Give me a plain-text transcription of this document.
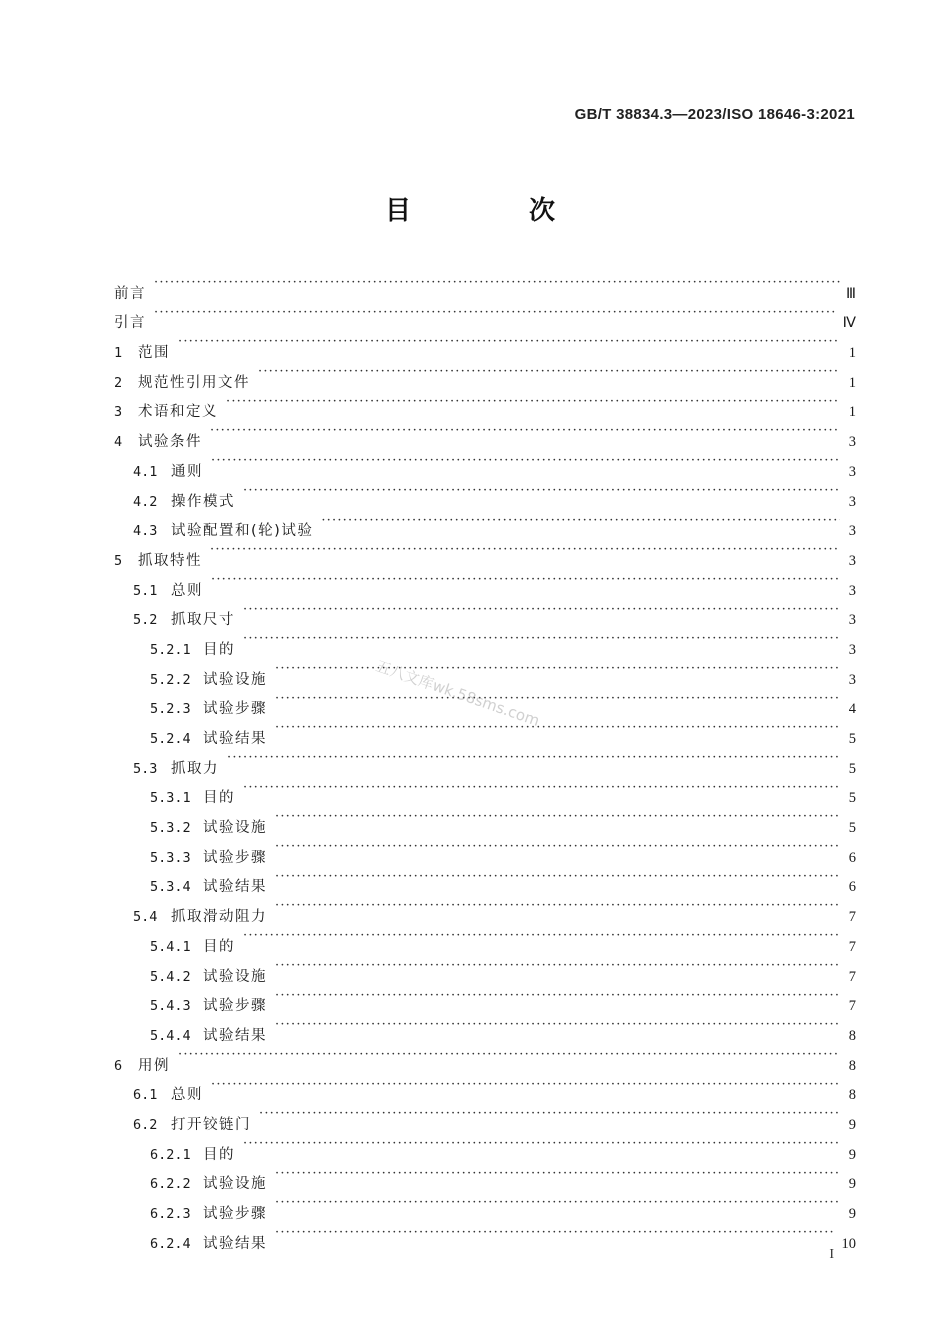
GB/T 38834.3—2023/ISO 18646-3:2021
目　次
前言 ·····	Ⅲ
引言 ·····	Ⅳ
1	范围 ·····	1
2	规范性引用文件 ·····	1
3	术语和定义 ·····	1
4	试验条件 ·····	3
4.1 通则 ·····	3
4.2 操作模式 ·····	3
4.3 试验配置和(轮)试验 ·····	3
5	抓取特性 ·····	3
5.1 总则 ·····	3
5.2 抓取尺寸 ·····	3
5.2.1 目的 ·····	3
5.2.2 试验设施 ·····	3
5.2.3 试验步骤 ·····	4
5.2.4 试验结果 ·····	5
5.3 抓取力 ·····	5
5.3.1 目的 ·····	5
5.3.2 试验设施 ·····	5
5.3.3 试验步骤 ·····	6
5.3.4 试验结果 ·····	6
5.4 抓取滑动阻力 ·····	7
5.4.1 目的 ·····	7
5.4.2 试验设施 ·····	7
5.4.3 试验步骤 ·····	7
5.4.4 试验结果 ·····	8
6	用例 ·····	8
6.1 总则 ·····	8
6.2 打开铰链门 ·····	9
6.2.1 目的 ·····	9
6.2.2 试验设施 ·····	9
6.2.3 试验步骤 ·····	9
6.2.4 试验结果 ·····	10
五八文库wk.58sms.com
I
